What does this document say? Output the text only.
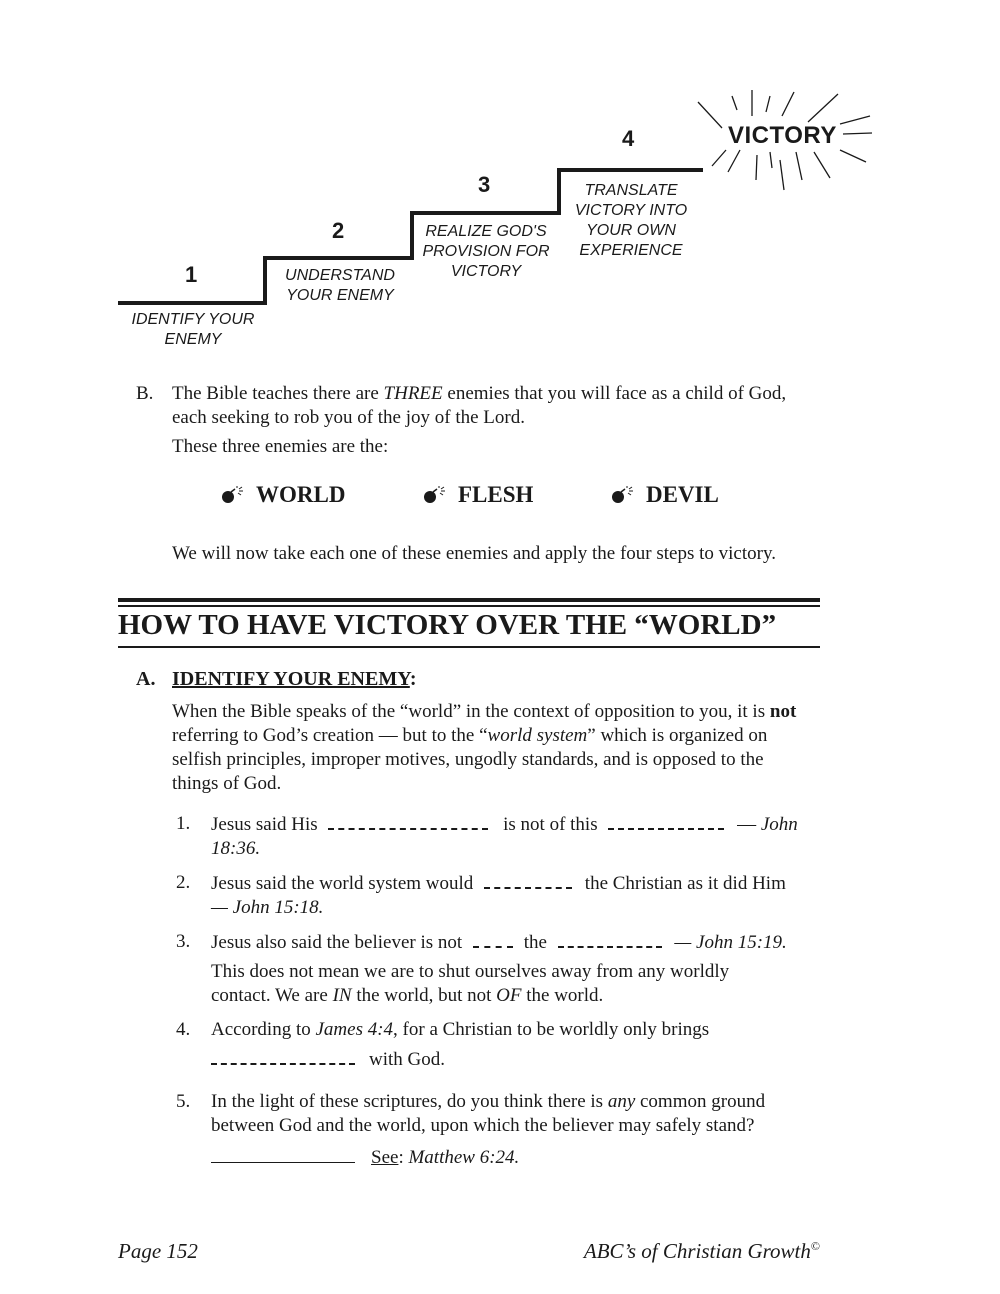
1
IDENTIFY YOUR
ENEMY
2
UNDERSTAND
YOUR ENEMY
3
REALIZE GOD'S
PROVISION FOR
VICTORY
4
TRANSLATE
VICTORY INTO
YOUR OWN
EXPERIENCE
VICTORY
B. The Bible teaches there are THREE enemies that you will face as a child of God,
each seeking to rob you of the joy of the Lord.
These three enemies are the:
WORLD	FLESH	DEVIL
We will now take each one of these enemies and apply the four steps to victory.
HOW TO HAVE VICTORY OVER THE “WORLD”
A. IDENTIFY YOUR ENEMY:
When the Bible speaks of the “world” in the context of opposition to you, it is not
referring to God’s creation — but to the “world system” which is organized on
selfish principles, improper motives, ungodly standards, and is opposed to the
things of God.
1. Jesus said His	is not of this	— John
18:36.
2. Jesus said the world system would	the Christian as it did Him
— John 15:18.
3. Jesus also said the believer is not	the	— John 15:19.
This does not mean we are to shut ourselves away from any worldly
contact. We are IN the world, but not OF the world.
4. According to James 4:4, for a Christian to be worldly only brings
with God.
5. In the light of these scriptures, do you think there is any common ground
between God and the world, upon which the believer may safely stand?
See: Matthew 6:24.
Page 152	ABC’s of Christian Growth©
